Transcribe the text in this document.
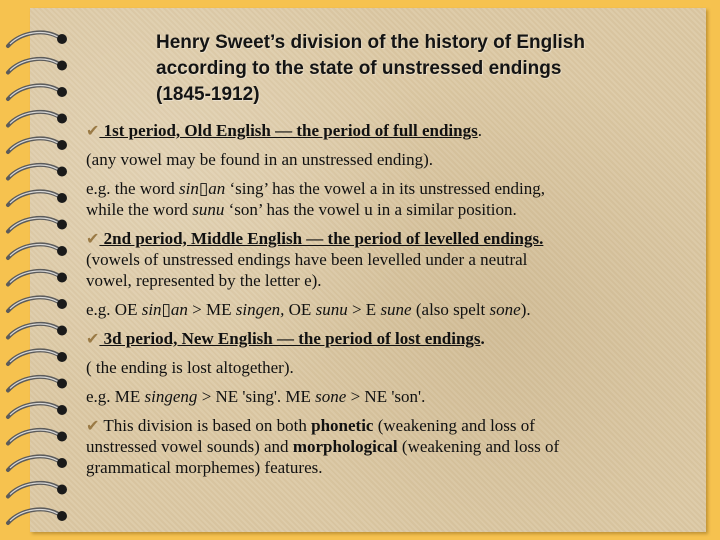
Henry Sweet’s division of the history of English
according to the state of unstressed endings
(1845-1912)

✔ 1st period, Old English — the period of full endings.

(any vowel may be found in an unstressed ending).

e.g. the word sin▯an ‘sing’ has the vowel a in its unstressed ending,
while the word sunu ‘son’ has the vowel u in a similar position.

✔ 2nd period, Middle English — the period of levelled endings.
(vowels of unstressed endings have been levelled under a neutral
vowel, represented by the letter e).

e.g. OE sin▯an > ME singen, OE sunu > E sune (also spelt sone).

✔ 3d period, New English — the period of lost endings.

( the ending is lost altogether).

e.g. ME singeng > NE 'sing'. ME sone > NE 'son'.

✔ This division is based on both phonetic (weakening and loss of
unstressed vowel sounds) and morphological (weakening and loss of
grammatical morphemes) features.
